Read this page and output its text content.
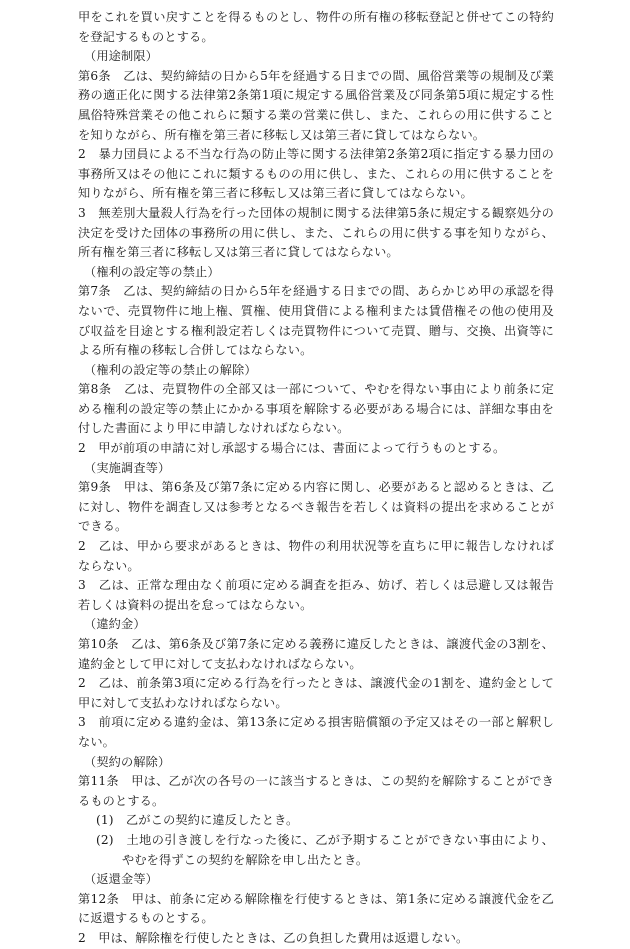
甲をこれを買い戻すことを得るものとし、物件の所有権の移転登記と併せてこの特約を登記するものとする。

（用途制限）

第6条　乙は、契約締結の日から5年を経過する日までの間、風俗営業等の規制及び業務の適正化に関する法律第2条第1項に規定する風俗営業及び同条第5項に規定する性風俗特殊営業その他これらに類する業の営業に供し、また、これらの用に供することを知りながら、所有権を第三者に移転し又は第三者に貸してはならない。

2　暴力団員による不当な行為の防止等に関する法律第2条第2項に指定する暴力団の事務所又はその他にこれに類するものの用に供し、また、これらの用に供することを知りながら、所有権を第三者に移転し又は第三者に貸してはならない。

3　無差別大量殺人行為を行った団体の規制に関する法律第5条に規定する観察処分の決定を受けた団体の事務所の用に供し、また、これらの用に供する事を知りながら、所有権を第三者に移転し又は第三者に貸してはならない。

（権利の設定等の禁止）

第7条　乙は、契約締結の日から5年を経過する日までの間、あらかじめ甲の承認を得ないで、売買物件に地上権、質権、使用貸借による権利または賃借権その他の使用及び収益を目途とする権利設定若しくは売買物件について売買、贈与、交換、出資等による所有権の移転し合併してはならない。

（権利の設定等の禁止の解除）

第8条　乙は、売買物件の全部又は一部について、やむを得ない事由により前条に定める権利の設定等の禁止にかかる事項を解除する必要がある場合には、詳細な事由を付した書面により甲に申請しなければならない。

2　甲が前項の申請に対し承認する場合には、書面によって行うものとする。

（実施調査等）

第9条　甲は、第6条及び第7条に定める内容に関し、必要があると認めるときは、乙に対し、物件を調査し又は参考となるべき報告を若しくは資料の提出を求めることができる。

2　乙は、甲から要求があるときは、物件の利用状況等を直ちに甲に報告しなければならない。

3　乙は、正常な理由なく前項に定める調査を拒み、妨げ、若しくは忌避し又は報告若しくは資料の提出を怠ってはならない。

（違約金）

第10条　乙は、第6条及び第7条に定める義務に違反したときは、譲渡代金の3割を、違約金として甲に対して支払わなければならない。

2　乙は、前条第3項に定める行為を行ったときは、譲渡代金の1割を、違約金として甲に対して支払わなければならない。

3　前項に定める違約金は、第13条に定める損害賠償額の予定又はその一部と解釈しない。

（契約の解除）

第11条　甲は、乙が次の各号の一に該当するときは、この契約を解除することができるものとする。

(1)　乙がこの契約に違反したとき。

(2)　土地の引き渡しを行なった後に、乙が予期することができない事由により、やむを得ずこの契約を解除を申し出たとき。

（返還金等）

第12条　甲は、前条に定める解除権を行使するときは、第1条に定める譲渡代金を乙に返還するものとする。

2　甲は、解除権を行使したときは、乙の負担した費用は返還しない。
